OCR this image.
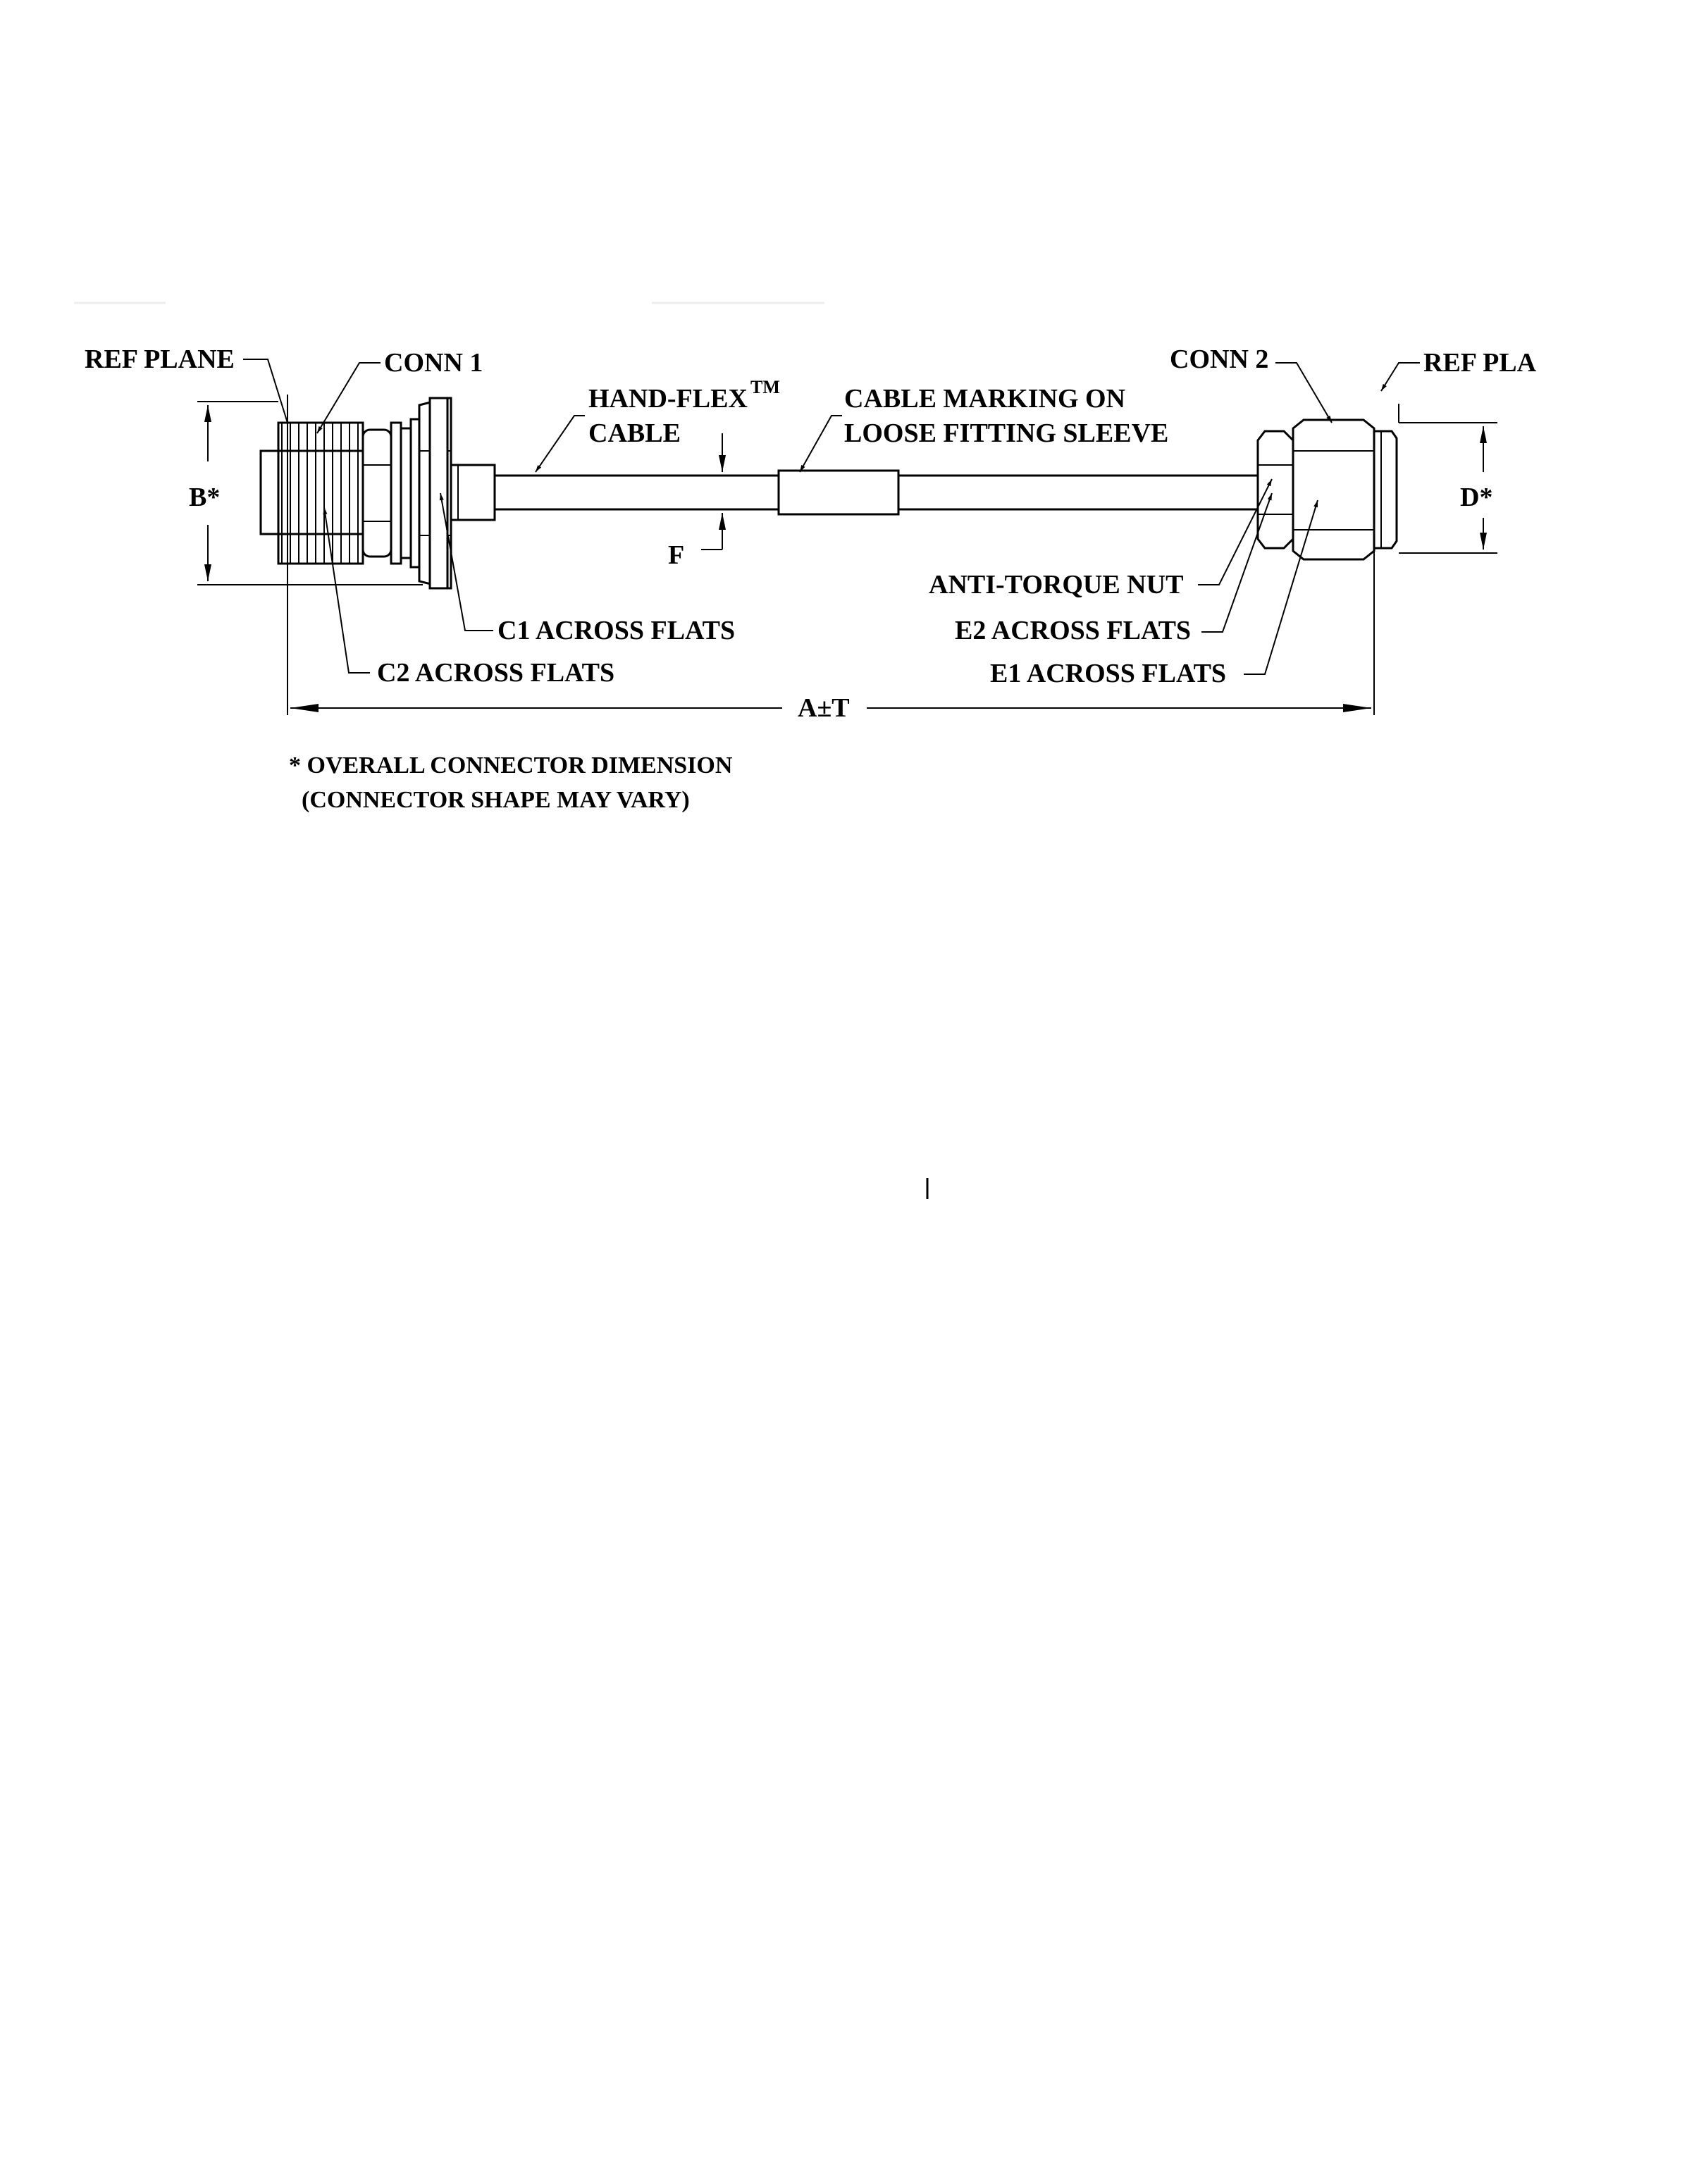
REF PLANE	CONN 1
HAND-FLEX TM
CABLE
CABLE MARKING ON
LOOSE FITTING SLEEVE
CONN 2	REF PLA
B*	D*
F
ANTI-TORQUE NUT
C1 ACROSS FLATS
C2 ACROSS FLATS
E2 ACROSS FLATS
E1 ACROSS FLATS
A±T
* OVERALL CONNECTOR DIMENSION
(CONNECTOR SHAPE MAY VARY)
